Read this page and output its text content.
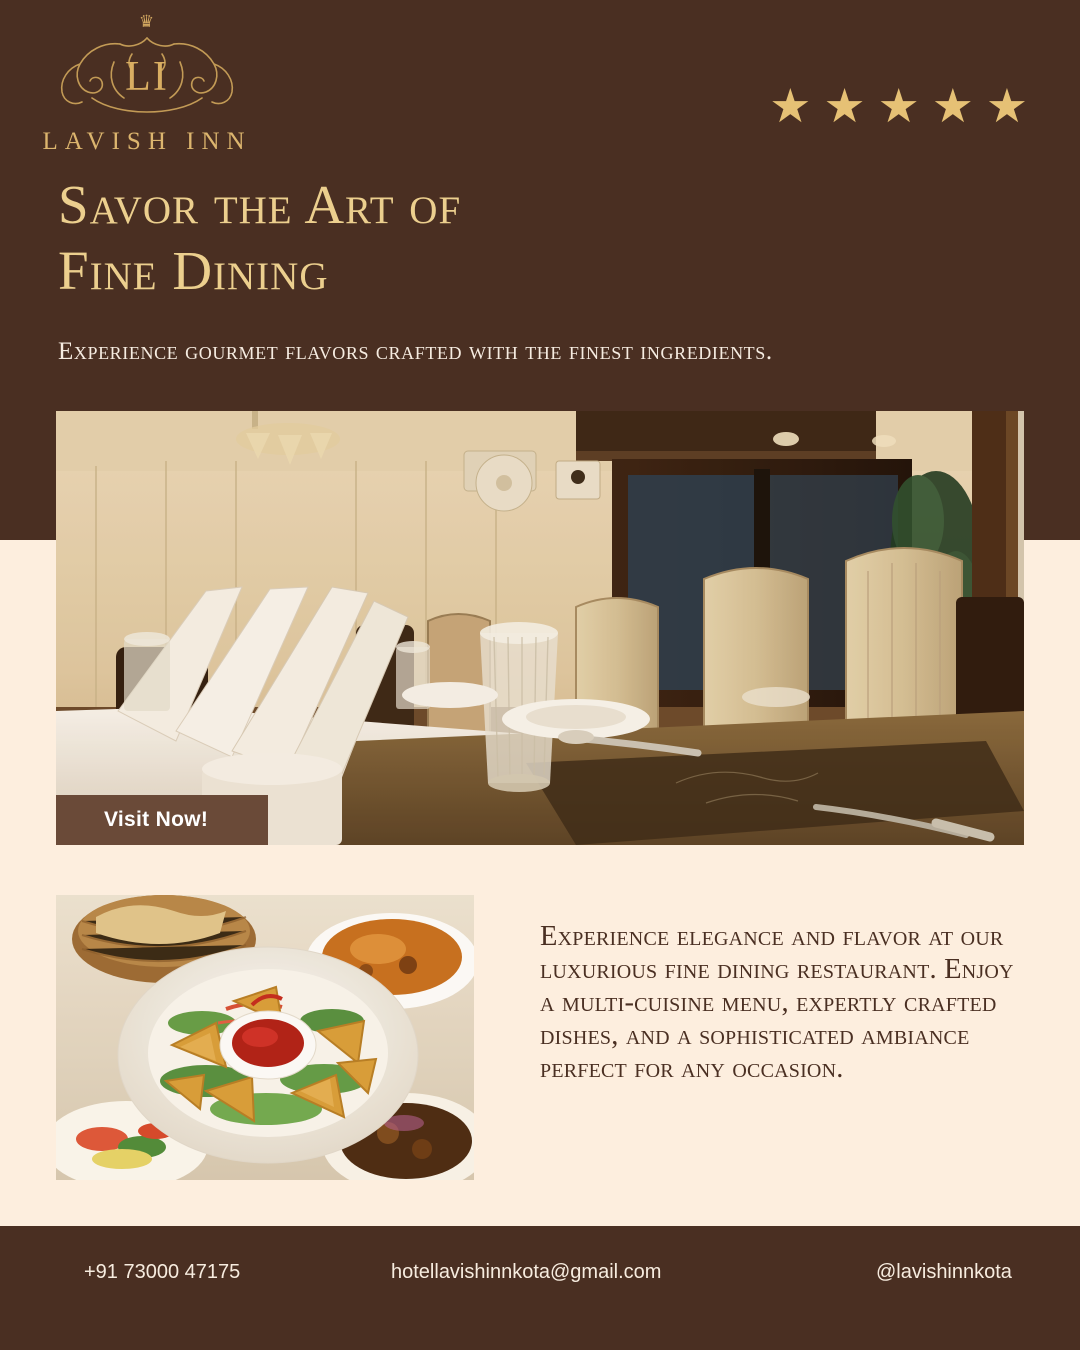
♛
LI
LAVISH INN
★ ★ ★ ★ ★
Savor the Art of
Fine Dining
Experience gourmet flavors crafted with the finest ingredients.
Visit Now!
Experience elegance and flavor at our luxurious fine dining restaurant. Enjoy a multi-cuisine menu, expertly crafted dishes, and a sophisticated ambiance perfect for any occasion.
+91 73000 47175	hotellavishinnkota@gmail.com	@lavishinnkota
